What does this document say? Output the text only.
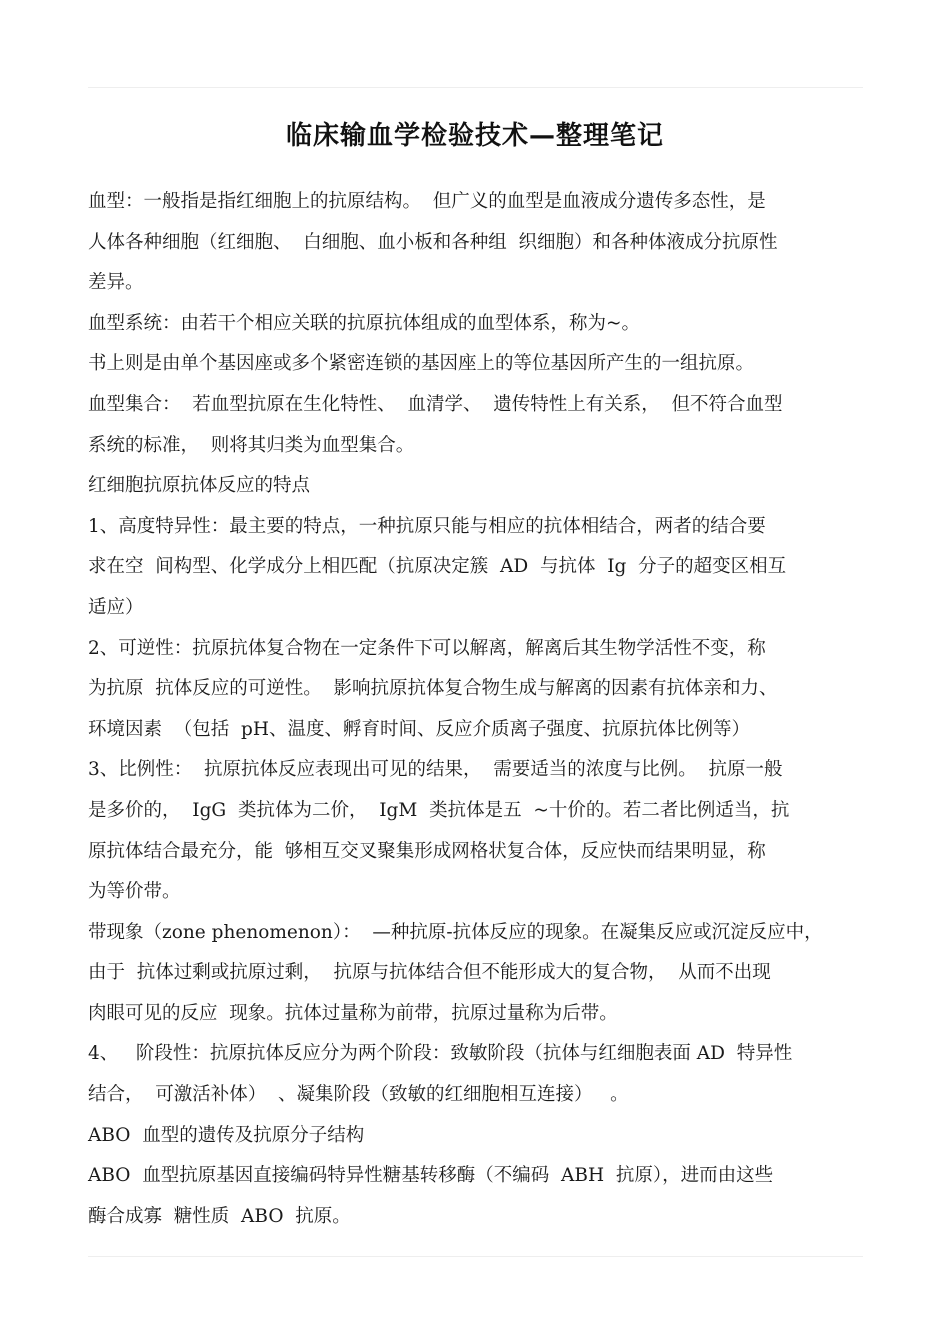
临床输血学检验技术—整理笔记
血型：一般指是指红细胞上的抗原结构。  但广义的血型是血液成分遗传多态性，是
人体各种细胞（红细胞、  白细胞、血小板和各种组  织细胞）和各种体液成分抗原性
差异。
血型系统：由若干个相应关联的抗原抗体组成的血型体系，称为~。
书上则是由单个基因座或多个紧密连锁的基因座上的等位基因所产生的一组抗原。
血型集合：  若血型抗原在生化特性、  血清学、  遗传特性上有关系，  但不符合血型
系统的标准，  则将其归类为血型集合。
红细胞抗原抗体反应的特点
1、高度特异性：最主要的特点，一种抗原只能与相应的抗体相结合，两者的结合要
求在空  间构型、化学成分上相匹配（抗原决定簇  AD  与抗体  Ig  分子的超变区相互
适应）
2、可逆性：抗原抗体复合物在一定条件下可以解离，解离后其生物学活性不变，称
为抗原  抗体反应的可逆性。  影响抗原抗体复合物生成与解离的因素有抗体亲和力、
环境因素  （包括  pH、温度、孵育时间、反应介质离子强度、抗原抗体比例等）
3、比例性：  抗原抗体反应表现出可见的结果，  需要适当的浓度与比例。  抗原一般
是多价的，  IgG  类抗体为二价，  IgM  类抗体是五  ~十价的。若二者比例适当，抗
原抗体结合最充分，能  够相互交叉聚集形成网格状复合体，反应快而结果明显，称
为等价带。
带现象（zone phenomenon）：  —种抗原-抗体反应的现象。在凝集反应或沉淀反应中，
由于  抗体过剩或抗原过剩，  抗原与抗体结合但不能形成大的复合物，  从而不出现
肉眼可见的反应  现象。抗体过量称为前带，抗原过量称为后带。
4、   阶段性：抗原抗体反应分为两个阶段：致敏阶段（抗体与红细胞表面 AD  特异性
结合，  可激活补体）  、凝集阶段（致敏的红细胞相互连接）   。
ABO  血型的遗传及抗原分子结构
ABO  血型抗原基因直接编码特异性糖基转移酶（不编码  ABH  抗原），进而由这些
酶合成寡  糖性质  ABO  抗原。
